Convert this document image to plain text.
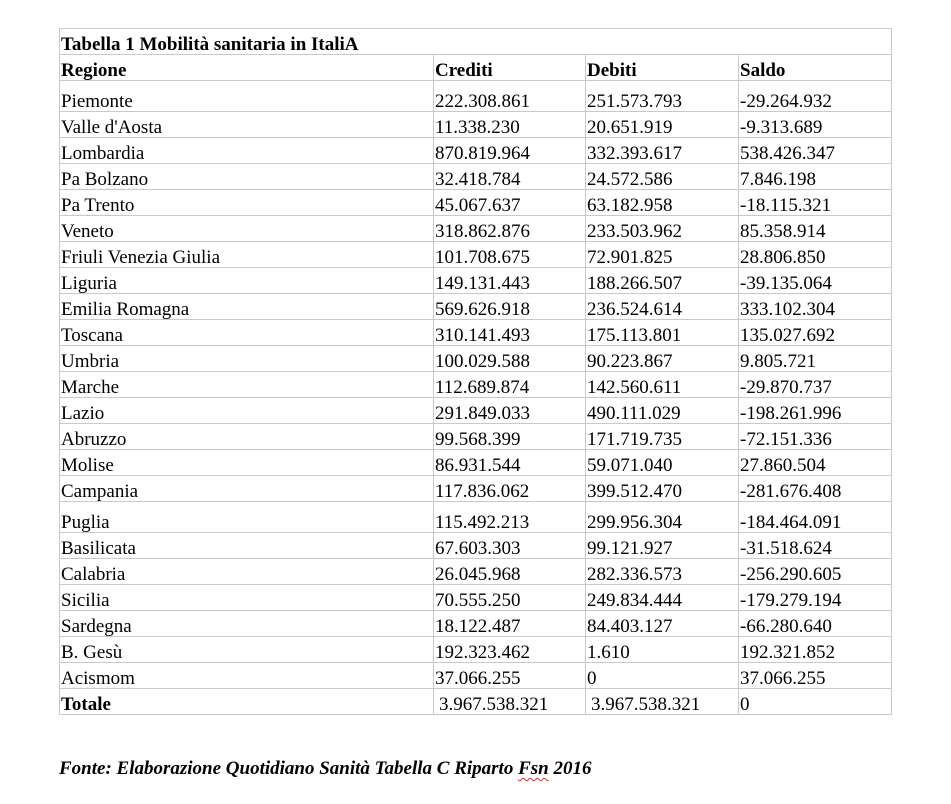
Tabella 1 Mobilità sanitaria in ItaliA			
Regione	Crediti	Debiti	Saldo
Piemonte	222.308.861	251.573.793	-29.264.932
Valle d'Aosta	11.338.230	20.651.919	-9.313.689
Lombardia	870.819.964	332.393.617	538.426.347
Pa Bolzano	32.418.784	24.572.586	7.846.198
Pa Trento	45.067.637	63.182.958	-18.115.321
Veneto	318.862.876	233.503.962	85.358.914
Friuli Venezia Giulia	101.708.675	72.901.825	28.806.850
Liguria	149.131.443	188.266.507	-39.135.064
Emilia Romagna	569.626.918	236.524.614	333.102.304
Toscana	310.141.493	175.113.801	135.027.692
Umbria	100.029.588	90.223.867	9.805.721
Marche	112.689.874	142.560.611	-29.870.737
Lazio	291.849.033	490.111.029	-198.261.996
Abruzzo	99.568.399	171.719.735	-72.151.336
Molise	86.931.544	59.071.040	27.860.504
Campania	117.836.062	399.512.470	-281.676.408
Puglia	115.492.213	299.956.304	-184.464.091
Basilicata	67.603.303	99.121.927	-31.518.624
Calabria	26.045.968	282.336.573	-256.290.605
Sicilia	70.555.250	249.834.444	-179.279.194
Sardegna	18.122.487	84.403.127	-66.280.640
B. Gesù	192.323.462	1.610	192.321.852
Acismom	37.066.255	0	37.066.255
Totale	3.967.538.321	3.967.538.321	0
Fonte: Elaborazione Quotidiano Sanità Tabella C Riparto Fsn 2016
